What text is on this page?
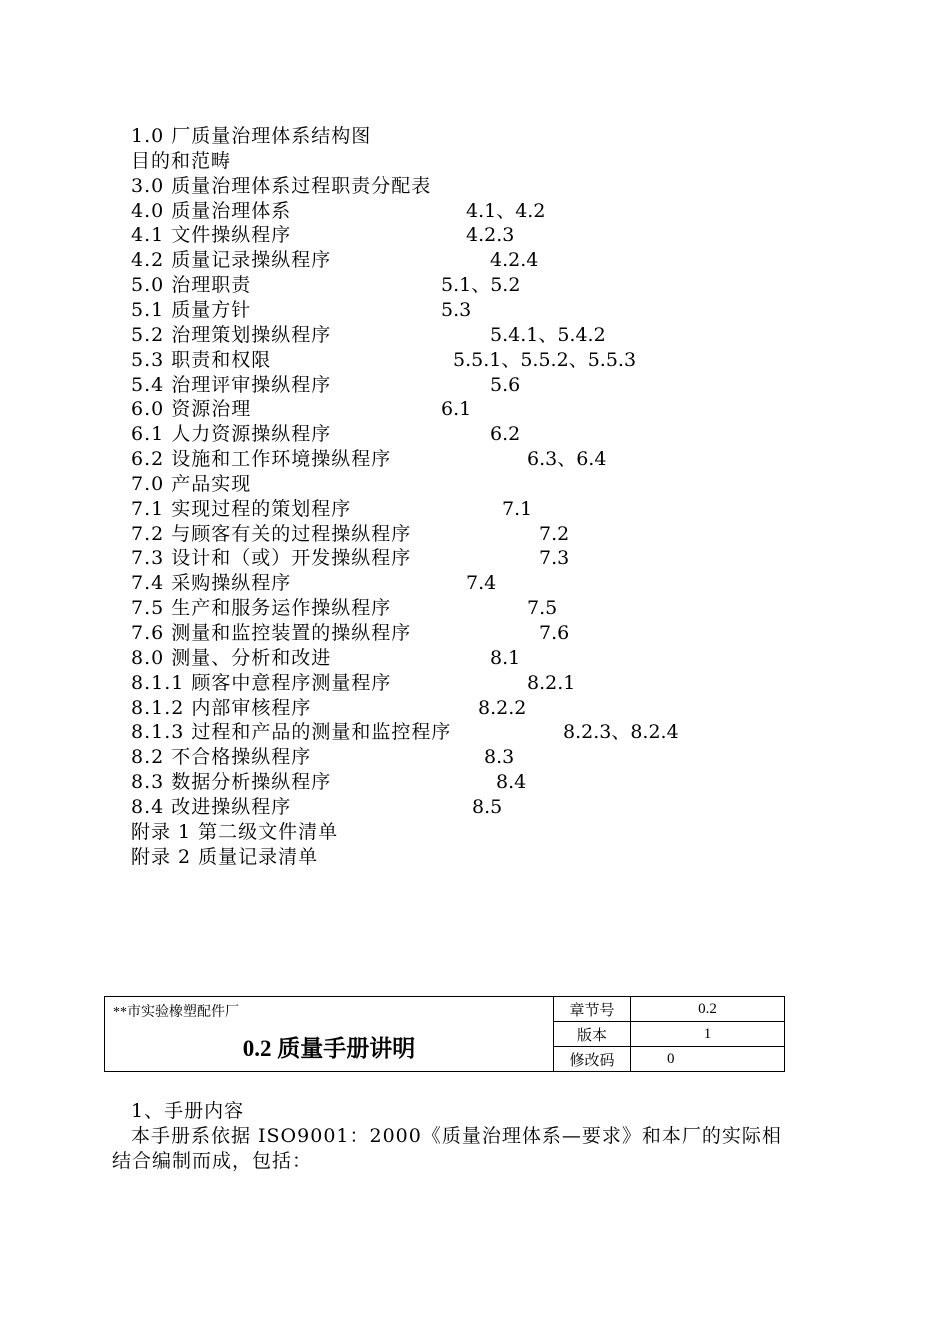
1.0 厂质量治理体系结构图
目的和范畴
3.0 质量治理体系过程职责分配表
4.0 质量治理体系	4.1、4.2
4.1 文件操纵程序	4.2.3
4.2 质量记录操纵程序	4.2.4
5.0 治理职责	5.1、5.2
5.1 质量方针	5.3
5.2 治理策划操纵程序	5.4.1、5.4.2
5.3 职责和权限	5.5.1、5.5.2、5.5.3
5.4 治理评审操纵程序	5.6
6.0 资源治理	6.1
6.1 人力资源操纵程序	6.2
6.2 设施和工作环境操纵程序	6.3、6.4
7.0 产品实现
7.1 实现过程的策划程序	7.1
7.2 与顾客有关的过程操纵程序	7.2
7.3 设计和（或）开发操纵程序	7.3
7.4 采购操纵程序	7.4
7.5 生产和服务运作操纵程序	7.5
7.6 测量和监控装置的操纵程序	7.6
8.0 测量、分析和改进	8.1
8.1.1 顾客中意程序测量程序	8.2.1
8.1.2 内部审核程序	8.2.2
8.1.3 过程和产品的测量和监控程序	8.2.3、8.2.4
8.2 不合格操纵程序	8.3
8.3 数据分析操纵程序	8.4
8.4 改进操纵程序	8.5
附录 1 第二级文件清单
附录 2 质量记录清单
**市实验橡塑配件厂
0.2 质量手册讲明	章节号	0.2
	版本	1
	修改码	0
1、手册内容
本手册系依据 ISO9001：2000《质量治理体系—要求》和本厂的实际相
结合编制而成，包括：
